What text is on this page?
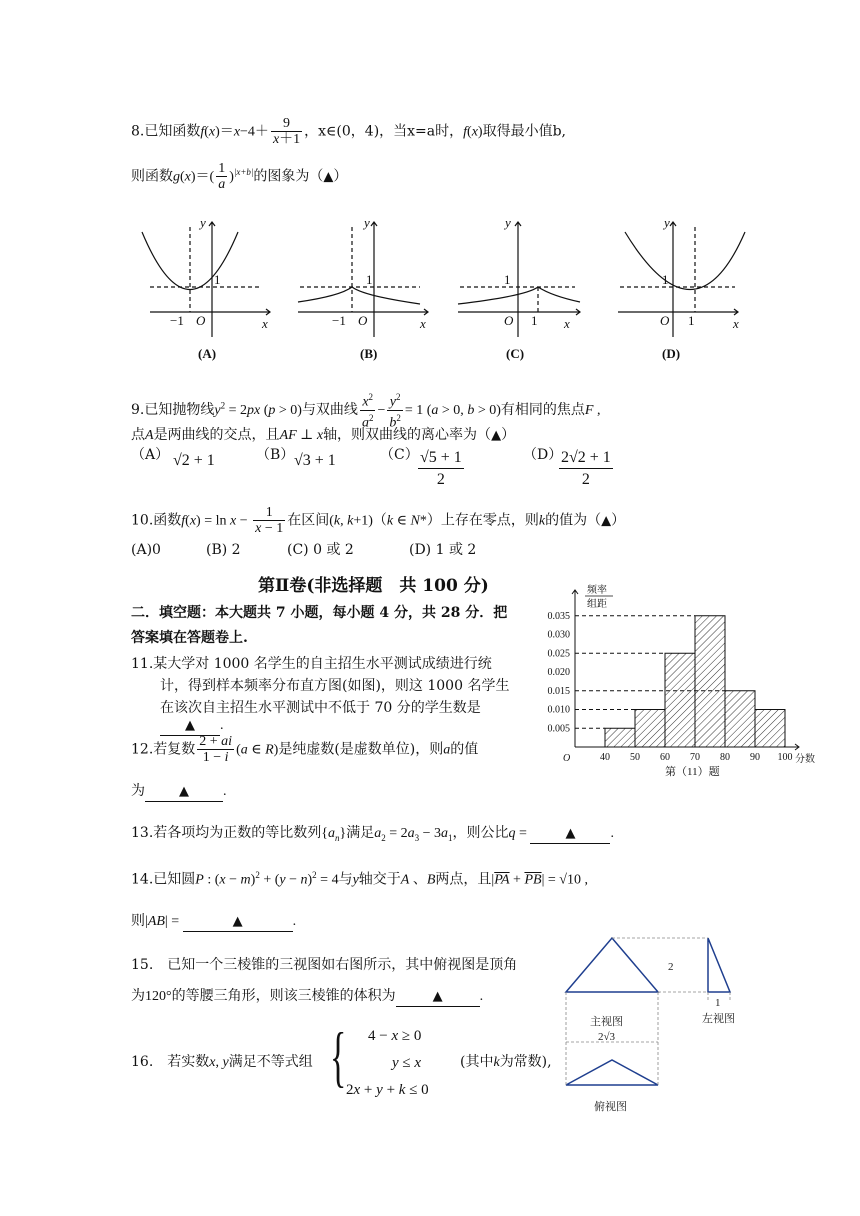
8.已知函数$f(x)=x-4+ \frac{9}{x+1}$ ，x∈(0，4)，当x=a时，f(x)取得最小值b,
则函数$g(x)=( \frac{1}{a} )^{|x+b|}$的图象为（▲）
y
x
1
−1 O
(A)
y
x
1
−1 O
(B)
y
x
1
O 1
(C)
y
x
1
O 1
(D)
9.已知抛物线$y^2 = 2px$ (p > 0)与双曲线 $\frac{x^2}{a^2} - \frac{y^2}{b^2} = 1$ (a > 0, b > 0)有相同的焦点F ,
点A是两曲线的交点，且AF ⊥ x轴，则双曲线的离心率为（▲）
（A） √2 + 1	（B） √3 + 1	$(C) \frac{√5 + 1}{2}$	（D）
$\frac{2√2 + 1}{2}$
10.函数$f(x) = \ln x - \frac{1}{x - 1}$ 在区间(k, k+1)（k ∈ N*）上存在零点，则k的值为（▲）
(A)0	(B) 2	(C) 0 或 2	(D) 1 或 2
第Ⅱ卷(非选择题　共 100 分)
二．填空题：本大题共 7 小题，每小题 4 分，共 28 分．把
答案填在答题卷上.
11.某大学对 1000 名学生的自主招生水平测试成绩进行统
计，得到样本频率分布直方图(如图)，则这 1000 名学生
在该次自主招生水平测试中不低于 70 分的学生数是
▲ .
12.若复数 $\frac{2 + ai}{1 - i} (a$ ∈ R)是纯虚数(是虚数单位)，则a的值
为	▲ .
0.005
0.010
0.015
0.020
0.025
0.030
0.035
40 50 60 70 80 90 100
O	分数
频率
组距
第（11）题
13.若各项均为正数的等比数列$\{a_n\}$满足$a_2 = 2a_3 - 3a_1$，则公比q =	▲	.
14.已知圆P : $(x - m)^2 + (y - n)^2 = 4$与y轴交于A 、B两点，且$|\overline{PA} + \overline{PB}| = √10$ ,
则|AB| =	▲	.
15.　已知一个三棱锥的三视图如右图所示，其中俯视图是顶角
为120°的等腰三角形，则该三棱锥的体积为	▲	.
2
1
主视图	左视图
2√3
俯视图
16.　若实数x, y满足不等式组 { 4 − x ≥ 0
y ≤ x
2x + y + k ≤ 0
(其中k为常数),
